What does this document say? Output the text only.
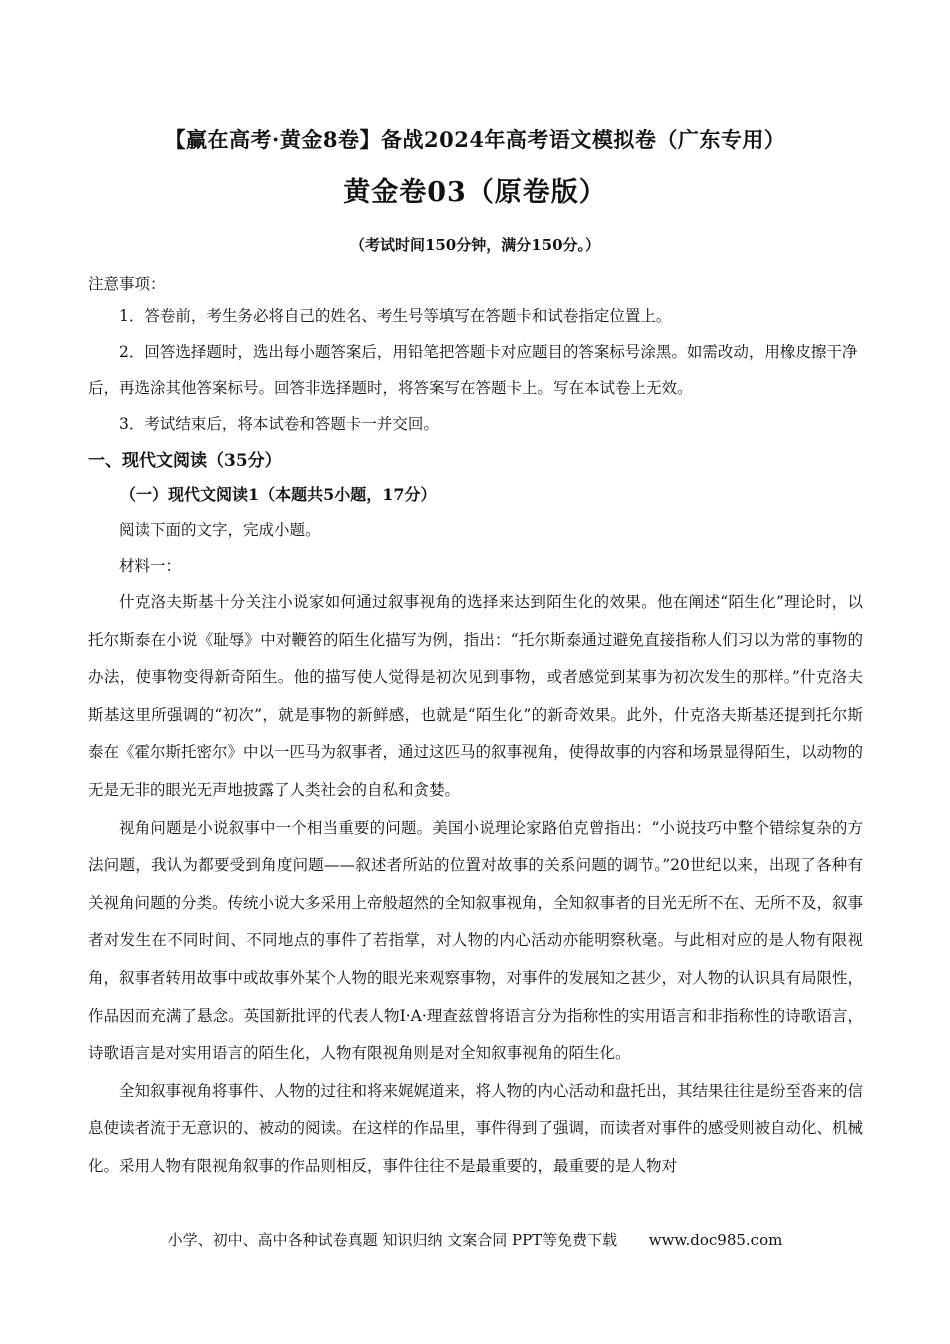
【赢在高考·黄金8卷】备战2024年高考语文模拟卷（广东专用）
黄金卷03（原卷版）
（考试时间150分钟，满分150分。）
注意事项：

1．答卷前，考生务必将自己的姓名、考生号等填写在答题卡和试卷指定位置上。

2．回答选择题时，选出每小题答案后，用铅笔把答题卡对应题目的答案标号涂黑。如需改动，用橡皮擦干净后，再选涂其他答案标号。回答非选择题时，将答案写在答题卡上。写在本试卷上无效。

3．考试结束后，将本试卷和答题卡一并交回。

一、现代文阅读（35分）
（一）现代文阅读1（本题共5小题，17分）
阅读下面的文字，完成小题。
材料一：

什克洛夫斯基十分关注小说家如何通过叙事视角的选择来达到陌生化的效果。他在阐述“陌生化”理论时，以托尔斯泰在小说《耻辱》中对鞭笞的陌生化描写为例，指出：“托尔斯泰通过避免直接指称人们习以为常的事物的办法，使事物变得新奇陌生。他的描写使人觉得是初次见到事物，或者感觉到某事为初次发生的那样。”什克洛夫斯基这里所强调的“初次”，就是事物的新鲜感，也就是“陌生化”的新奇效果。此外，什克洛夫斯基还提到托尔斯泰在《霍尔斯托密尔》中以一匹马为叙事者，通过这匹马的叙事视角，使得故事的内容和场景显得陌生，以动物的无是无非的眼光无声地披露了人类社会的自私和贪婪。

视角问题是小说叙事中一个相当重要的问题。美国小说理论家路伯克曾指出：“小说技巧中整个错综复杂的方法问题，我认为都要受到角度问题——叙述者所站的位置对故事的关系问题的调节。”20世纪以来，出现了各种有关视角问题的分类。传统小说大多采用上帝般超然的全知叙事视角，全知叙事者的目光无所不在、无所不及，叙事者对发生在不同时间、不同地点的事件了若指掌，对人物的内心活动亦能明察秋毫。与此相对应的是人物有限视角，叙事者转用故事中或故事外某个人物的眼光来观察事物，对事件的发展知之甚少，对人物的认识具有局限性，作品因而充满了悬念。英国新批评的代表人物I·A·理查兹曾将语言分为指称性的实用语言和非指称性的诗歌语言，诗歌语言是对实用语言的陌生化，人物有限视角则是对全知叙事视角的陌生化。

全知叙事视角将事件、人物的过往和将来娓娓道来，将人物的内心活动和盘托出，其结果往往是纷至沓来的信息使读者流于无意识的、被动的阅读。在这样的作品里，事件得到了强调，而读者对事件的感受则被自动化、机械化。采用人物有限视角叙事的作品则相反，事件往往不是最重要的，最重要的是人物对

小学、初中、高中各种试卷真题 知识归纳 文案合同 PPT等免费下载 www.doc985.com
